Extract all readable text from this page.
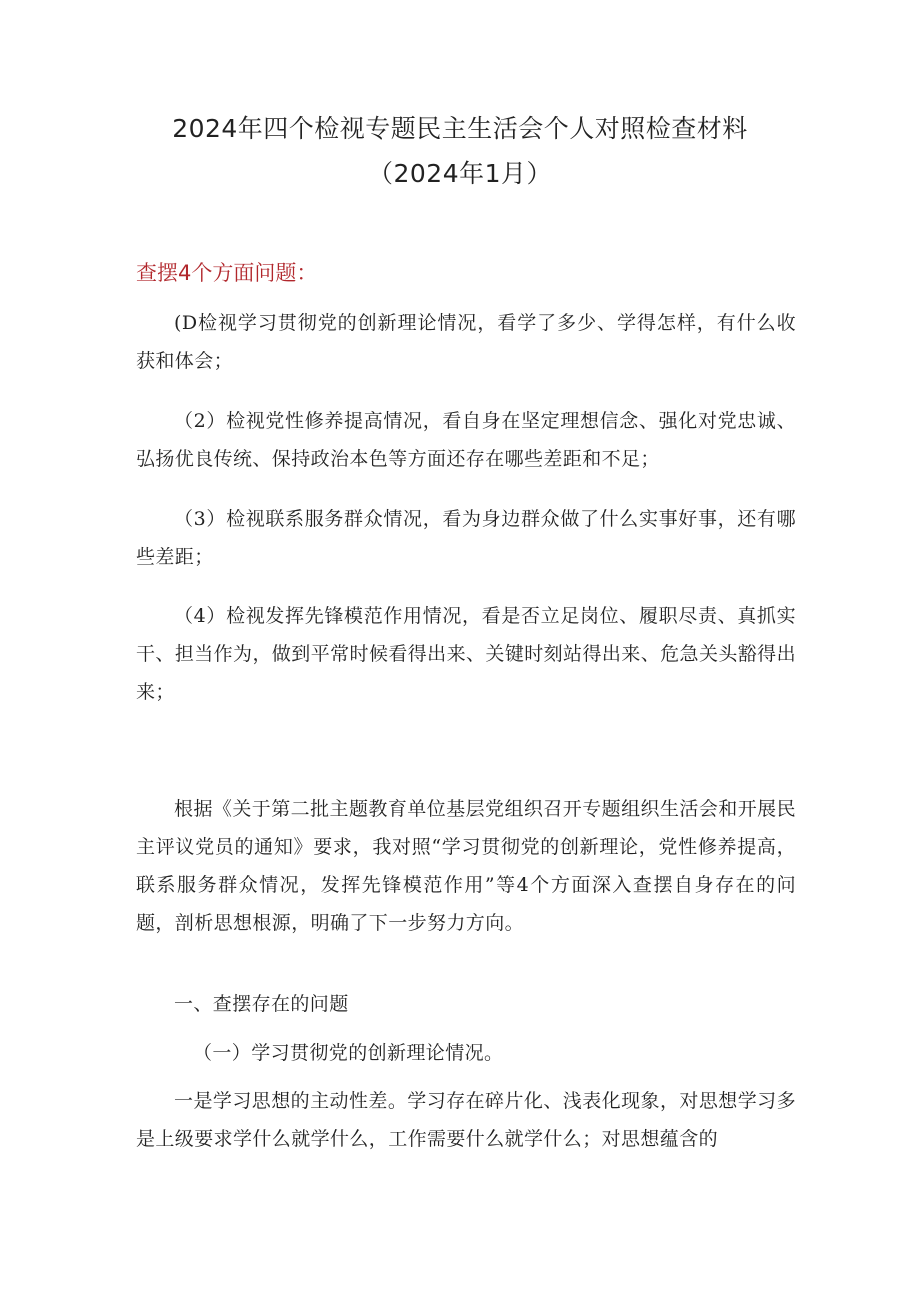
2024年四个检视专题民主生活会个人对照检查材料
（2024年1月）
查摆4个方面问题：
(D检视学习贯彻党的创新理论情况，看学了多少、学得怎样，有什么收获和体会；
（2）检视党性修养提高情况，看自身在坚定理想信念、强化对党忠诚、弘扬优良传统、保持政治本色等方面还存在哪些差距和不足；
（3）检视联系服务群众情况，看为身边群众做了什么实事好事，还有哪些差距；
（4）检视发挥先锋模范作用情况，看是否立足岗位、履职尽责、真抓实干、担当作为，做到平常时候看得出来、关键时刻站得出来、危急关头豁得出来；
根据《关于第二批主题教育单位基层党组织召开专题组织生活会和开展民主评议党员的通知》要求，我对照“学习贯彻党的创新理论，党性修养提高，联系服务群众情况，发挥先锋模范作用”等4个方面深入查摆自身存在的问题，剖析思想根源，明确了下一步努力方向。
一、查摆存在的问题
（一）学习贯彻党的创新理论情况。
一是学习思想的主动性差。学习存在碎片化、浅表化现象，对思想学习多是上级要求学什么就学什么，工作需要什么就学什么；对思想蕴含的
